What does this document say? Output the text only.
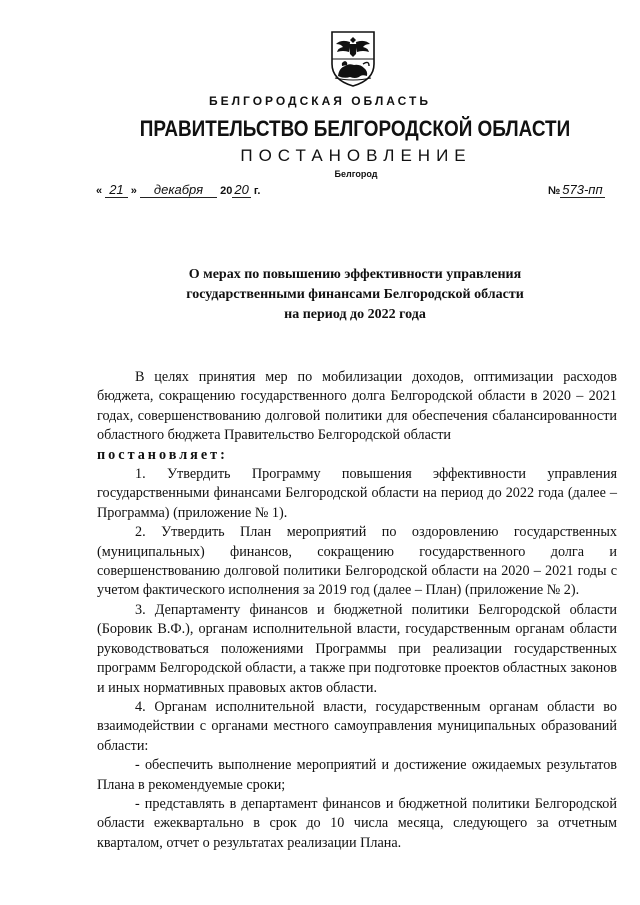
БЕЛГОРОДСКАЯ ОБЛАСТЬ
ПРАВИТЕЛЬСТВО БЕЛГОРОДСКОЙ ОБЛАСТИ
ПОСТАНОВЛЕНИЕ
Белгород
« 21 » декабря 20 20 г.	№ 573-пп
О мерах по повышению эффективности управления
государственными финансами Белгородской области
на период до 2022 года

В целях принятия мер по мобилизации доходов, оптимизации расходов бюджета, сокращению государственного долга Белгородской области в 2020 – 2021 годах, совершенствованию долговой политики для обеспечения сбалансированности областного бюджета Правительство Белгородской области

постановляет:

1. Утвердить Программу повышения эффективности управления государственными финансами Белгородской области на период до 2022 года (далее – Программа) (приложение № 1).

2. Утвердить План мероприятий по оздоровлению государственных (муниципальных) финансов, сокращению государственного долга и совершенствованию долговой политики Белгородской области на 2020 – 2021 годы с учетом фактического исполнения за 2019 год (далее – План) (приложение № 2).

3. Департаменту финансов и бюджетной политики Белгородской области (Боровик В.Ф.), органам исполнительной власти, государственным органам области руководствоваться положениями Программы при реализации государственных программ Белгородской области, а также при подготовке проектов областных законов и иных нормативных правовых актов области.

4. Органам исполнительной власти, государственным органам области во взаимодействии с органами местного самоуправления муниципальных образований области:

- обеспечить выполнение мероприятий и достижение ожидаемых результатов Плана в рекомендуемые сроки;

- представлять в департамент финансов и бюджетной политики Белгородской области ежеквартально в срок до 10 числа месяца, следующего за отчетным кварталом, отчет о результатах реализации Плана.
